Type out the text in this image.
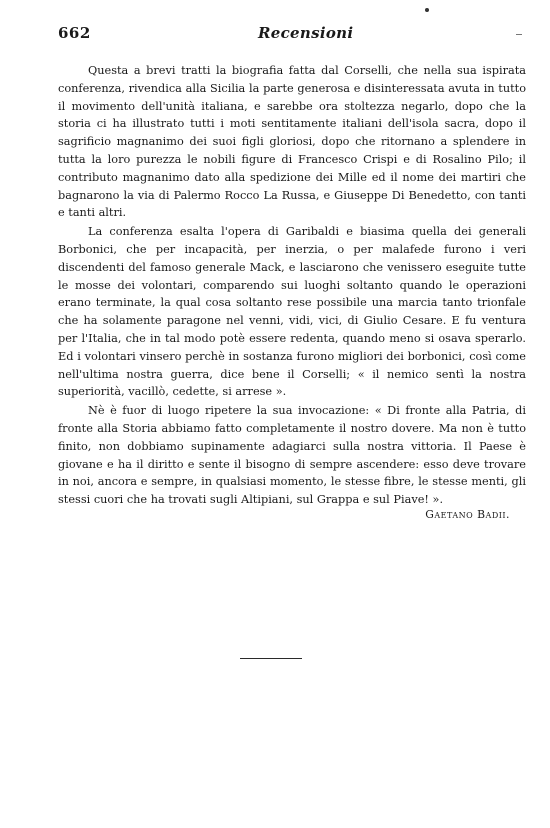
662	Recensioni

Questa a brevi tratti la biografia fatta dal Corselli, che nella sua ispirata conferenza, rivendica alla Sicilia la parte generosa e disinteressata avuta in tutto il movimento dell'unità italiana, e sarebbe ora stoltezza negarlo, dopo che la storia ci ha illustrato tutti i moti sentitamente italiani dell'isola sacra, dopo il sagrificio magnanimo dei suoi figli gloriosi, dopo che ritornano a splendere in tutta la loro purezza le nobili figure di Francesco Crispi e di Rosalino Pilo; il contributo magnanimo dato alla spedizione dei Mille ed il nome dei martiri che bagnarono la via di Palermo Rocco La Russa, e Giuseppe Di Benedetto, con tanti e tanti altri.

La conferenza esalta l'opera di Garibaldi e biasima quella dei generali Borbonici, che per incapacità, per inerzia, o per malafede furono i veri discendenti del famoso generale Mack, e lasciarono che venissero eseguite tutte le mosse dei volontari, comparendo sui luoghi soltanto quando le operazioni erano terminate, la qual cosa soltanto rese possibile una marcia tanto trionfale che ha solamente paragone nel venni, vidi, vici, di Giulio Cesare. E fu ventura per l'Italia, che in tal modo potè essere redenta, quando meno si osava sperarlo. Ed i volontari vinsero perchè in sostanza furono migliori dei borbonici, così come nell'ultima nostra guerra, dice bene il Corselli; « il nemico sentì la nostra superiorità, vacillò, cedette, si arrese ».

Nè è fuor di luogo ripetere la sua invocazione: « Di fronte alla Patria, di fronte alla Storia abbiamo fatto completamente il nostro dovere. Ma non è tutto finito, non dobbiamo supinamente adagiarci sulla nostra vittoria. Il Paese è giovane e ha il diritto e sente il bisogno di sempre ascendere: esso deve trovare in noi, ancora e sempre, in qualsiasi momento, le stesse fibre, le stesse menti, gli stessi cuori che ha trovati sugli Altipiani, sul Grappa e sul Piave! ».

Gaetano Badii.
